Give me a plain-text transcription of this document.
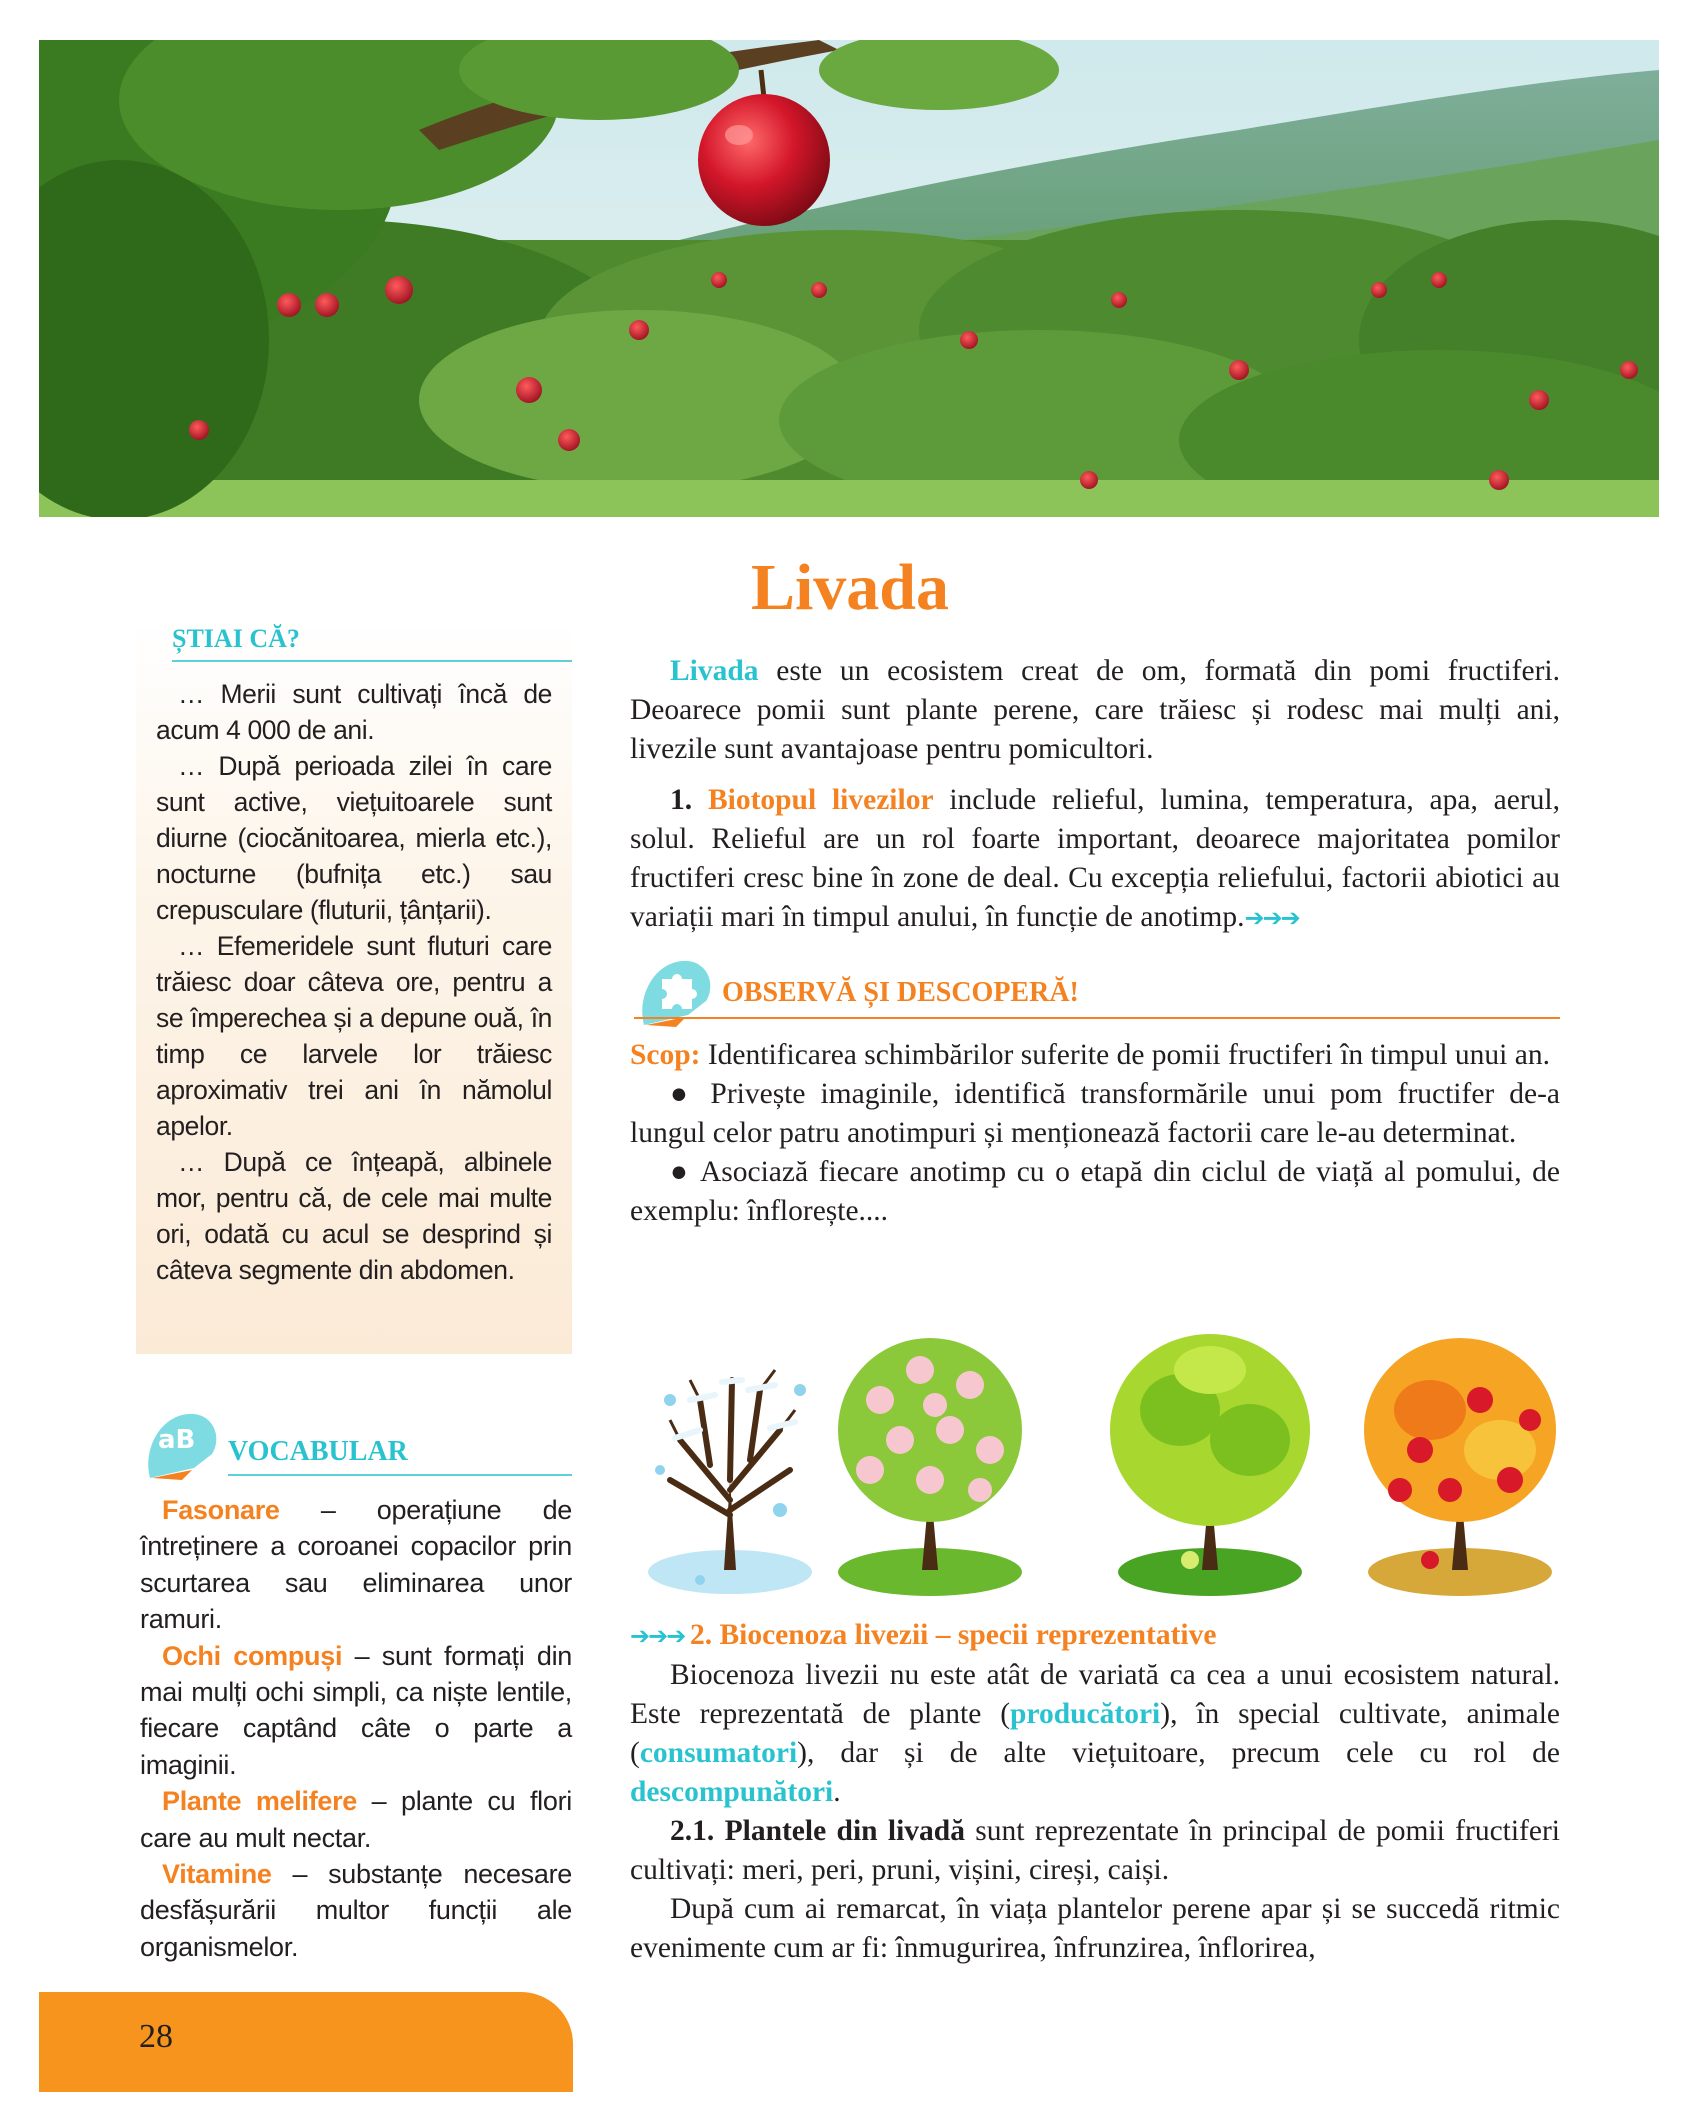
Livada
ȘTIAI CĂ?

… Merii sunt cultivați încă de acum 4 000 de ani.

… După perioada zilei în care sunt active, viețuitoarele sunt diurne (ciocănitoarea, mierla etc.), nocturne (bufnița etc.) sau crepusculare (fluturii, țânțarii).

… Efemeridele sunt fluturi care trăiesc doar câteva ore, pentru a se împerechea și a depune ouă, în timp ce larvele lor trăiesc aproximativ trei ani în nămolul apelor.

… După ce înțeapă, albinele mor, pentru că, de cele mai multe ori, odată cu acul se desprind și câteva segmente din abdomen.

aB VOCABULAR

Fasonare – operațiune de întreținere a coroanei copacilor prin scurtarea sau eliminarea unor ramuri.

Ochi compuși – sunt formați din mai mulți ochi simpli, ca niște lentile, fiecare captând câte o parte a imaginii.

Plante melifere – plante cu flori care au mult nectar.

Vitamine – substanțe necesare desfășurării multor funcții ale organismelor.

28

Livada este un ecosistem creat de om, formată din pomi fructiferi. Deoarece pomii sunt plante perene, care trăiesc și rodesc mai mulți ani, livezile sunt avantajoase pentru pomicultori.

1. Biotopul livezilor include relieful, lumina, temperatura, apa, aerul, solul. Relieful are un rol foarte important, deoarece majoritatea pomilor fructiferi cresc bine în zone de deal. Cu excepția reliefului, factorii abiotici au variații mari în timpul anului, în funcție de anotimp.➔➔➔

OBSERVĂ ȘI DESCOPERĂ!

Scop: Identificarea schimbărilor suferite de pomii fructiferi în timpul unui an.

● Privește imaginile, identifică transformările unui pom fructifer de-a lungul celor patru anotimpuri și menționează factorii care le-au determinat.

● Asociază fiecare anotimp cu o etapă din ciclul de viață al pomului, de exemplu: înflorește....

➔➔➔ 2. Biocenoza livezii – specii reprezentative

Biocenoza livezii nu este atât de variată ca cea a unui ecosistem natural. Este reprezentată de plante (producători), în special cultivate, animale (consumatori), dar și de alte viețuitoare, precum cele cu rol de descompunători.

2.1. Plantele din livadă sunt reprezentate în principal de pomii fructiferi cultivați: meri, peri, pruni, vișini, cireși, caiși.

După cum ai remarcat, în viața plantelor perene apar și se succedă ritmic evenimente cum ar fi: înmugurirea, înfrunzirea, înflorirea,
